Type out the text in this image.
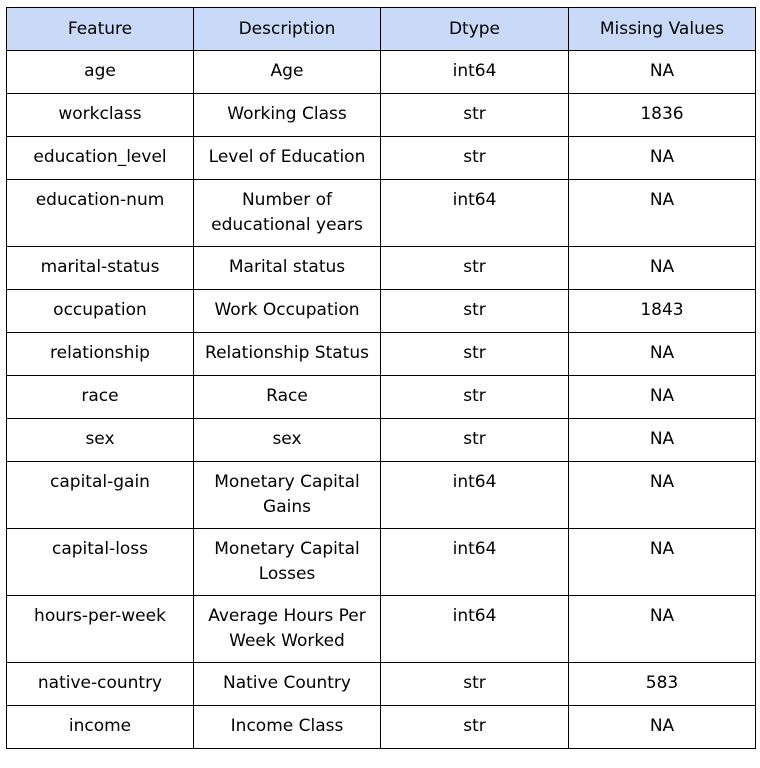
Feature	Description	Dtype	Missing Values
age	Age	int64	NA
workclass	Working Class	str	1836
education_level	Level of Education	str	NA
education-num	Number of educational years	int64	NA
marital-status	Marital status	str	NA
occupation	Work Occupation	str	1843
relationship	Relationship Status	str	NA
race	Race	str	NA
sex	sex	str	NA
capital-gain	Monetary Capital Gains	int64	NA
capital-loss	Monetary Capital Losses	int64	NA
hours-per-week	Average Hours Per Week Worked	int64	NA
native-country	Native Country	str	583
income	Income Class	str	NA
